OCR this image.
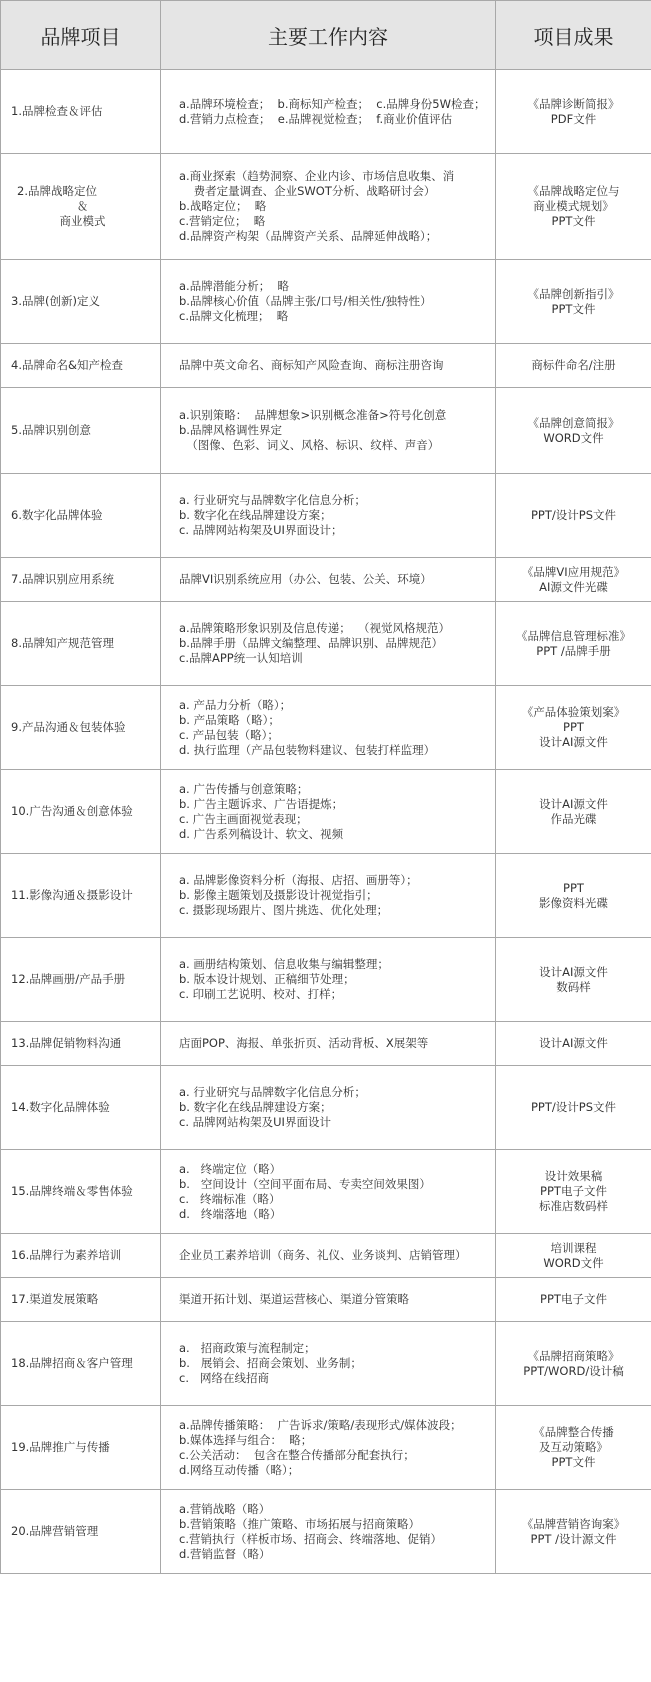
品牌项目	主要工作内容	项目成果

1.品牌检查＆评估	a.品牌环境检查；  b.商标知产检查；  c.品牌身份5W检查；
d.营销力点检查；  e.品牌视觉检查；  f.商业价值评估	《品牌诊断简报》
PDF文件

2.品牌战略定位
＆
商业模式	a.商业探索（趋势洞察、企业内诊、市场信息收集、消
费者定量调查、企业SWOT分析、战略研讨会）
b.战略定位；  略
c.营销定位；  略
d.品牌资产构架（品牌资产关系、品牌延伸战略）；	《品牌战略定位与
商业模式规划》
PPT文件

3.品牌(创新)定义	a.品牌潜能分析；  略
b.品牌核心价值（品牌主张/口号/相关性/独特性）
c.品牌文化梳理；  略	《品牌创新指引》
PPT文件

4.品牌命名&知产检查	品牌中英文命名、商标知产风险查询、商标注册咨询	商标件命名/注册

5.品牌识别创意	a.识别策略：  品牌想象>识别概念准备>符号化创意
b.品牌风格调性界定
（图像、色彩、词义、风格、标识、纹样、声音）	《品牌创意简报》
WORD文件

6.数字化品牌体验	a. 行业研究与品牌数字化信息分析；
b. 数字化在线品牌建设方案；
c. 品牌网站构架及UI界面设计；	PPT/设计PS文件

7.品牌识别应用系统	品牌VI识别系统应用（办公、包装、公关、环境）	《品牌VI应用规范》
AI源文件光碟

8.品牌知产规范管理	a.品牌策略形象识别及信息传递；  （视觉风格规范）
b.品牌手册（品牌文编整理、品牌识别、品牌规范）
c.品牌APP统一认知培训	《品牌信息管理标准》
PPT /品牌手册

9.产品沟通＆包装体验	a. 产品力分析（略）；
b. 产品策略（略）；
c. 产品包装（略）；
d. 执行监理（产品包装物料建议、包装打样监理）	《产品体验策划案》
PPT
设计AI源文件

10.广告沟通＆创意体验	a. 广告传播与创意策略；
b. 广告主题诉求、广告语提炼；
c. 广告主画面视觉表现；
d. 广告系列稿设计、软文、视频	设计AI源文件
作品光碟

11.影像沟通＆摄影设计	a. 品牌影像资料分析（海报、店招、画册等）；
b. 影像主题策划及摄影设计视觉指引；
c. 摄影现场跟片、图片挑选、优化处理；	PPT
影像资料光碟

12.品牌画册/产品手册	a. 画册结构策划、信息收集与编辑整理；
b. 版本设计规划、正稿细节处理；
c. 印刷工艺说明、校对、打样；	设计AI源文件
数码样

13.品牌促销物料沟通	店面POP、海报、单张折页、活动背板、X展架等	设计AI源文件

14.数字化品牌体验	a. 行业研究与品牌数字化信息分析；
b. 数字化在线品牌建设方案；
c. 品牌网站构架及UI界面设计	PPT/设计PS文件

15.品牌终端＆零售体验	a.   终端定位（略）
b.   空间设计（空间平面布局、专卖空间效果图）
c.   终端标准（略）
d.   终端落地（略）	设计效果稿
PPT电子文件
标准店数码样

16.品牌行为素养培训	企业员工素养培训（商务、礼仪、业务谈判、店销管理）	培训课程
WORD文件

17.渠道发展策略	渠道开拓计划、渠道运营核心、渠道分管策略	PPT电子文件

18.品牌招商＆客户管理	a.   招商政策与流程制定；
b.   展销会、招商会策划、业务制；
c.   网络在线招商	《品牌招商策略》
PPT/WORD/设计稿

19.品牌推广与传播	a.品牌传播策略：  广告诉求/策略/表现形式/媒体波段；
b.媒体选择与组合：  略；
c.公关活动：  包含在整合传播部分配套执行；
d.网络互动传播（略）；	《品牌整合传播
及互动策略》
PPT文件

20.品牌营销管理	a.营销战略（略）
b.营销策略（推广策略、市场拓展与招商策略）
c.营销执行（样板市场、招商会、终端落地、促销）
d.营销监督（略）	《品牌营销咨询案》
PPT /设计源文件
